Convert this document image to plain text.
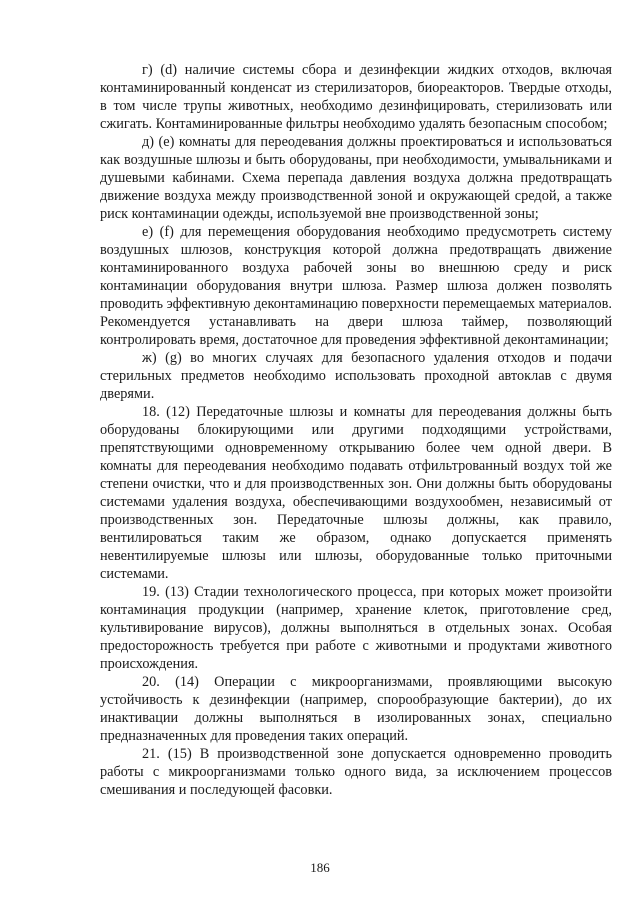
г) (d) наличие системы сбора и дезинфекции жидких отходов, включая контаминированный конденсат из стерилизаторов, биореакторов. Твердые отходы, в том числе трупы животных, необходимо дезинфицировать, стерилизовать или сжигать. Контаминированные фильтры необходимо удалять безопасным способом;

д) (е) комнаты для переодевания должны проектироваться и использоваться как воздушные шлюзы и быть оборудованы, при необходимости, умывальниками и душевыми кабинами. Схема перепада давления воздуха должна предотвращать движение воздуха между производственной зоной и окружающей средой, а также риск контаминации одежды, используемой вне производственной зоны;

е) (f) для перемещения оборудования необходимо предусмотреть систему воздушных шлюзов, конструкция которой должна предотвращать движение контаминированного воздуха рабочей зоны во внешнюю среду и риск контаминации оборудования внутри шлюза. Размер шлюза должен позволять проводить эффективную деконтаминацию поверхности перемещаемых материалов. Рекомендуется устанавливать на двери шлюза таймер, позволяющий контролировать время, достаточное для проведения эффективной деконтаминации;

ж) (g) во многих случаях для безопасного удаления отходов и подачи стерильных предметов необходимо использовать проходной автоклав с двумя дверями.

18. (12) Передаточные шлюзы и комнаты для переодевания должны быть оборудованы блокирующими или другими подходящими устройствами, препятствующими одновременному открыванию более чем одной двери. В комнаты для переодевания необходимо подавать отфильтрованный воздух той же степени очистки, что и для производственных зон. Они должны быть оборудованы системами удаления воздуха, обеспечивающими воздухообмен, независимый от производственных зон. Передаточные шлюзы должны, как правило, вентилироваться таким же образом, однако допускается применять невентилируемые шлюзы или шлюзы, оборудованные только приточными системами.

19. (13) Стадии технологического процесса, при которых может произойти контаминация продукции (например, хранение клеток, приготовление сред, культивирование вирусов), должны выполняться в отдельных зонах. Особая предосторожность требуется при работе с животными и продуктами животного происхождения.

20. (14) Операции с микроорганизмами, проявляющими высокую устойчивость к дезинфекции (например, спорообразующие бактерии), до их инактивации должны выполняться в изолированных зонах, специально предназначенных для проведения таких операций.

21. (15) В производственной зоне допускается одновременно проводить работы с микроорганизмами только одного вида, за исключением процессов смешивания и последующей фасовки.

186
